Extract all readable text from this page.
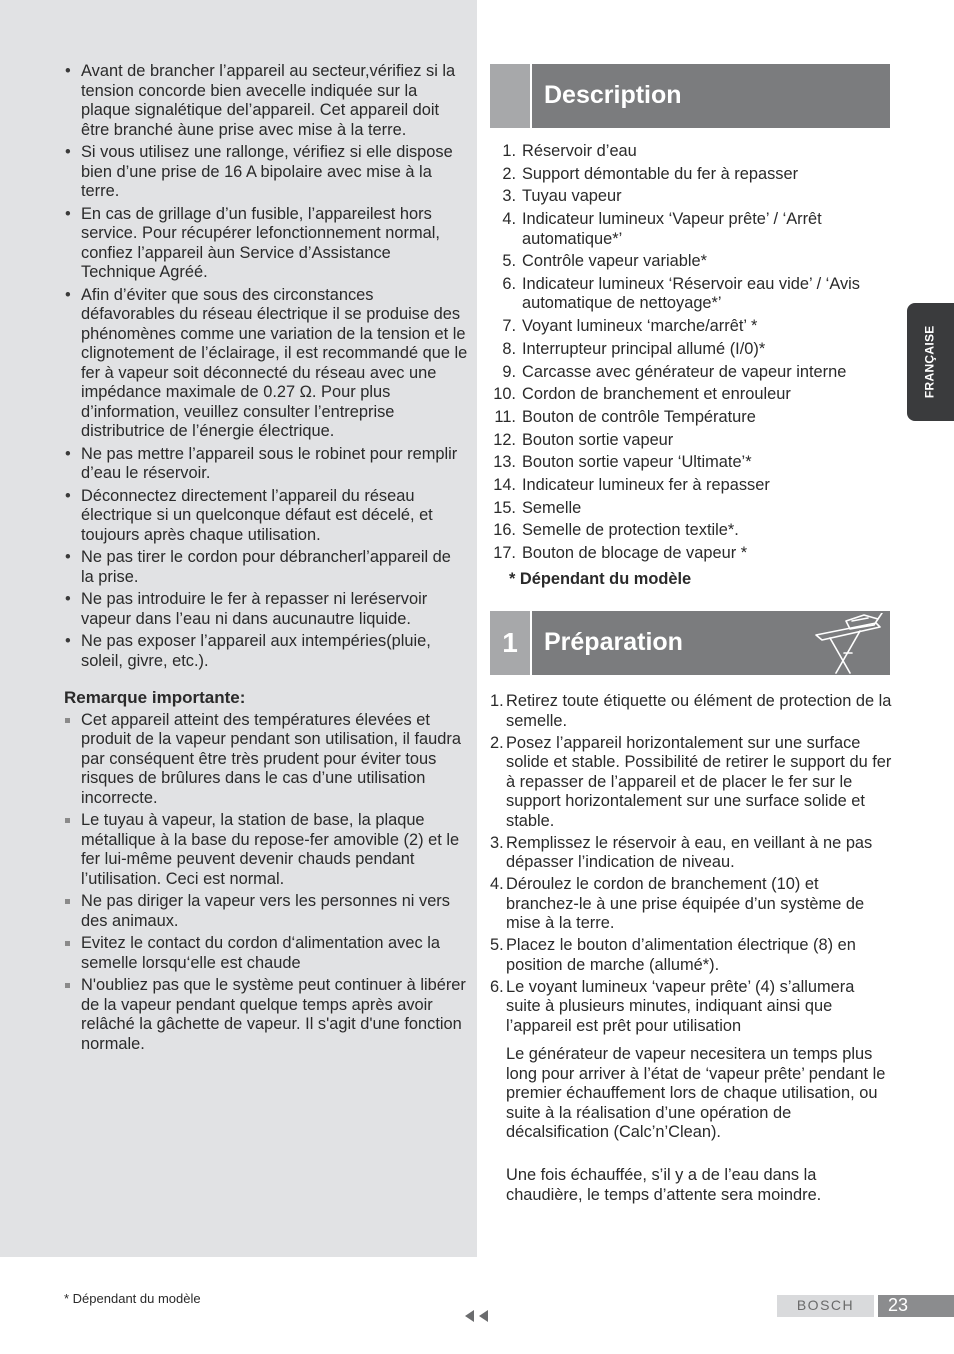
• Avant de brancher l’appareil au secteur,vérifiez si la tension concorde bien avecelle indiquée sur la plaque signalétique del’appareil. Cet appareil doit être branché àune prise avec mise à la terre.
• Si vous utilisez une rallonge, vérifiez si elle dispose bien d’une prise de 16 A bipolaire avec mise à la terre.
• En cas de grillage d’un fusible, l’appareilest hors service. Pour récupérer lefonctionnement normal, confiez l’appareil àun Service d’Assistance Technique Agréé.
• Afin d’éviter que sous des circonstances défavorables du réseau électrique il se produise des phénomènes comme une variation de la tension et le clignotement de l’éclairage, il est recommandé que le fer à vapeur soit déconnecté du réseau avec une impédance maximale de 0.27 Ω. Pour plus d’information, veuillez consulter l’entreprise distributrice de l’énergie électrique.
• Ne pas mettre l’appareil sous le robinet pour remplir d’eau le réservoir.
• Déconnectez directement l’appareil du réseau électrique si un quelconque défaut est décelé, et toujours après chaque utilisation.
• Ne pas tirer le cordon pour débrancherl’appareil de la prise.
• Ne pas introduire le fer à repasser ni leréservoir vapeur dans l’eau ni dans aucunautre liquide.
• Ne pas exposer l’appareil aux intempéries(pluie, soleil, givre, etc.).
Remarque importante:
Cet appareil atteint des températures élevées et produit de la vapeur pendant son utilisation, il faudra par conséquent être très prudent pour éviter tous risques de brûlures dans le cas d’une utilisation incorrecte.
Le tuyau à vapeur, la station de base, la plaque métallique à la base du repose-fer amovible (2) et le fer lui-même peuvent devenir chauds pendant l’utilisation. Ceci est normal.
Ne pas diriger la vapeur vers les personnes ni vers des animaux.
Evitez le contact du cordon d‘alimentation avec la semelle lorsqu‘elle est chaude
N'oubliez pas que le système peut continuer à libérer de la vapeur pendant quelque temps après avoir relâché la gâchette de vapeur. Il s'agit d'une fonction normale.
Description
1. Réservoir d’eau
2. Support démontable du fer à repasser
3. Tuyau vapeur
4. Indicateur lumineux ‘Vapeur prête’ / ‘Arrêt automatique*’
5. Contrôle vapeur variable*
6. Indicateur lumineux ‘Réservoir eau vide’ / ‘Avis automatique de nettoyage*’
7. Voyant lumineux ‘marche/arrêt’ *
8. Interrupteur principal allumé (I/0)*
9. Carcasse avec générateur de vapeur interne
10. Cordon de branchement et enrouleur
11. Bouton de contrôle Température
12. Bouton sortie vapeur
13. Bouton sortie vapeur ‘Ultimate’*
14. Indicateur lumineux fer à repasser
15. Semelle
16. Semelle de protection textile*.
17. Bouton de blocage de vapeur *
* Dépendant du modèle
1	Préparation
1. Retirez toute étiquette ou élément de protection de la semelle.
2. Posez l’appareil horizontalement sur une surface solide et stable. Possibilité de retirer le support du fer à repasser de l’appareil et de placer le fer sur le support horizontalement sur une surface solide et stable.
3. Remplissez le réservoir à eau, en veillant à ne pas dépasser l’indication de niveau.
4. Déroulez le cordon de branchement (10) et branchez-le à une prise équipée d’un système de mise à la terre.
5. Placez le bouton d’alimentation électrique (8) en position de marche (allumé*).
6. Le voyant lumineux ‘vapeur prête’ (4) s’allumera suite à plusieurs minutes, indiquant ainsi que l’appareil est prêt pour utilisation
Le générateur de vapeur necesitera un temps plus long pour arriver à l’état de ‘vapeur prête’ pendant le premier échauffement lors de chaque utilisation, ou suite à la réalisation d’une opération de décalsification (Calc’n’Clean).
Une fois échauffée, s’il y a de l’eau dans la chaudière, le temps d’attente sera moindre.
FRANÇAISE
* Dépendant du modèle	BOSCH	23
